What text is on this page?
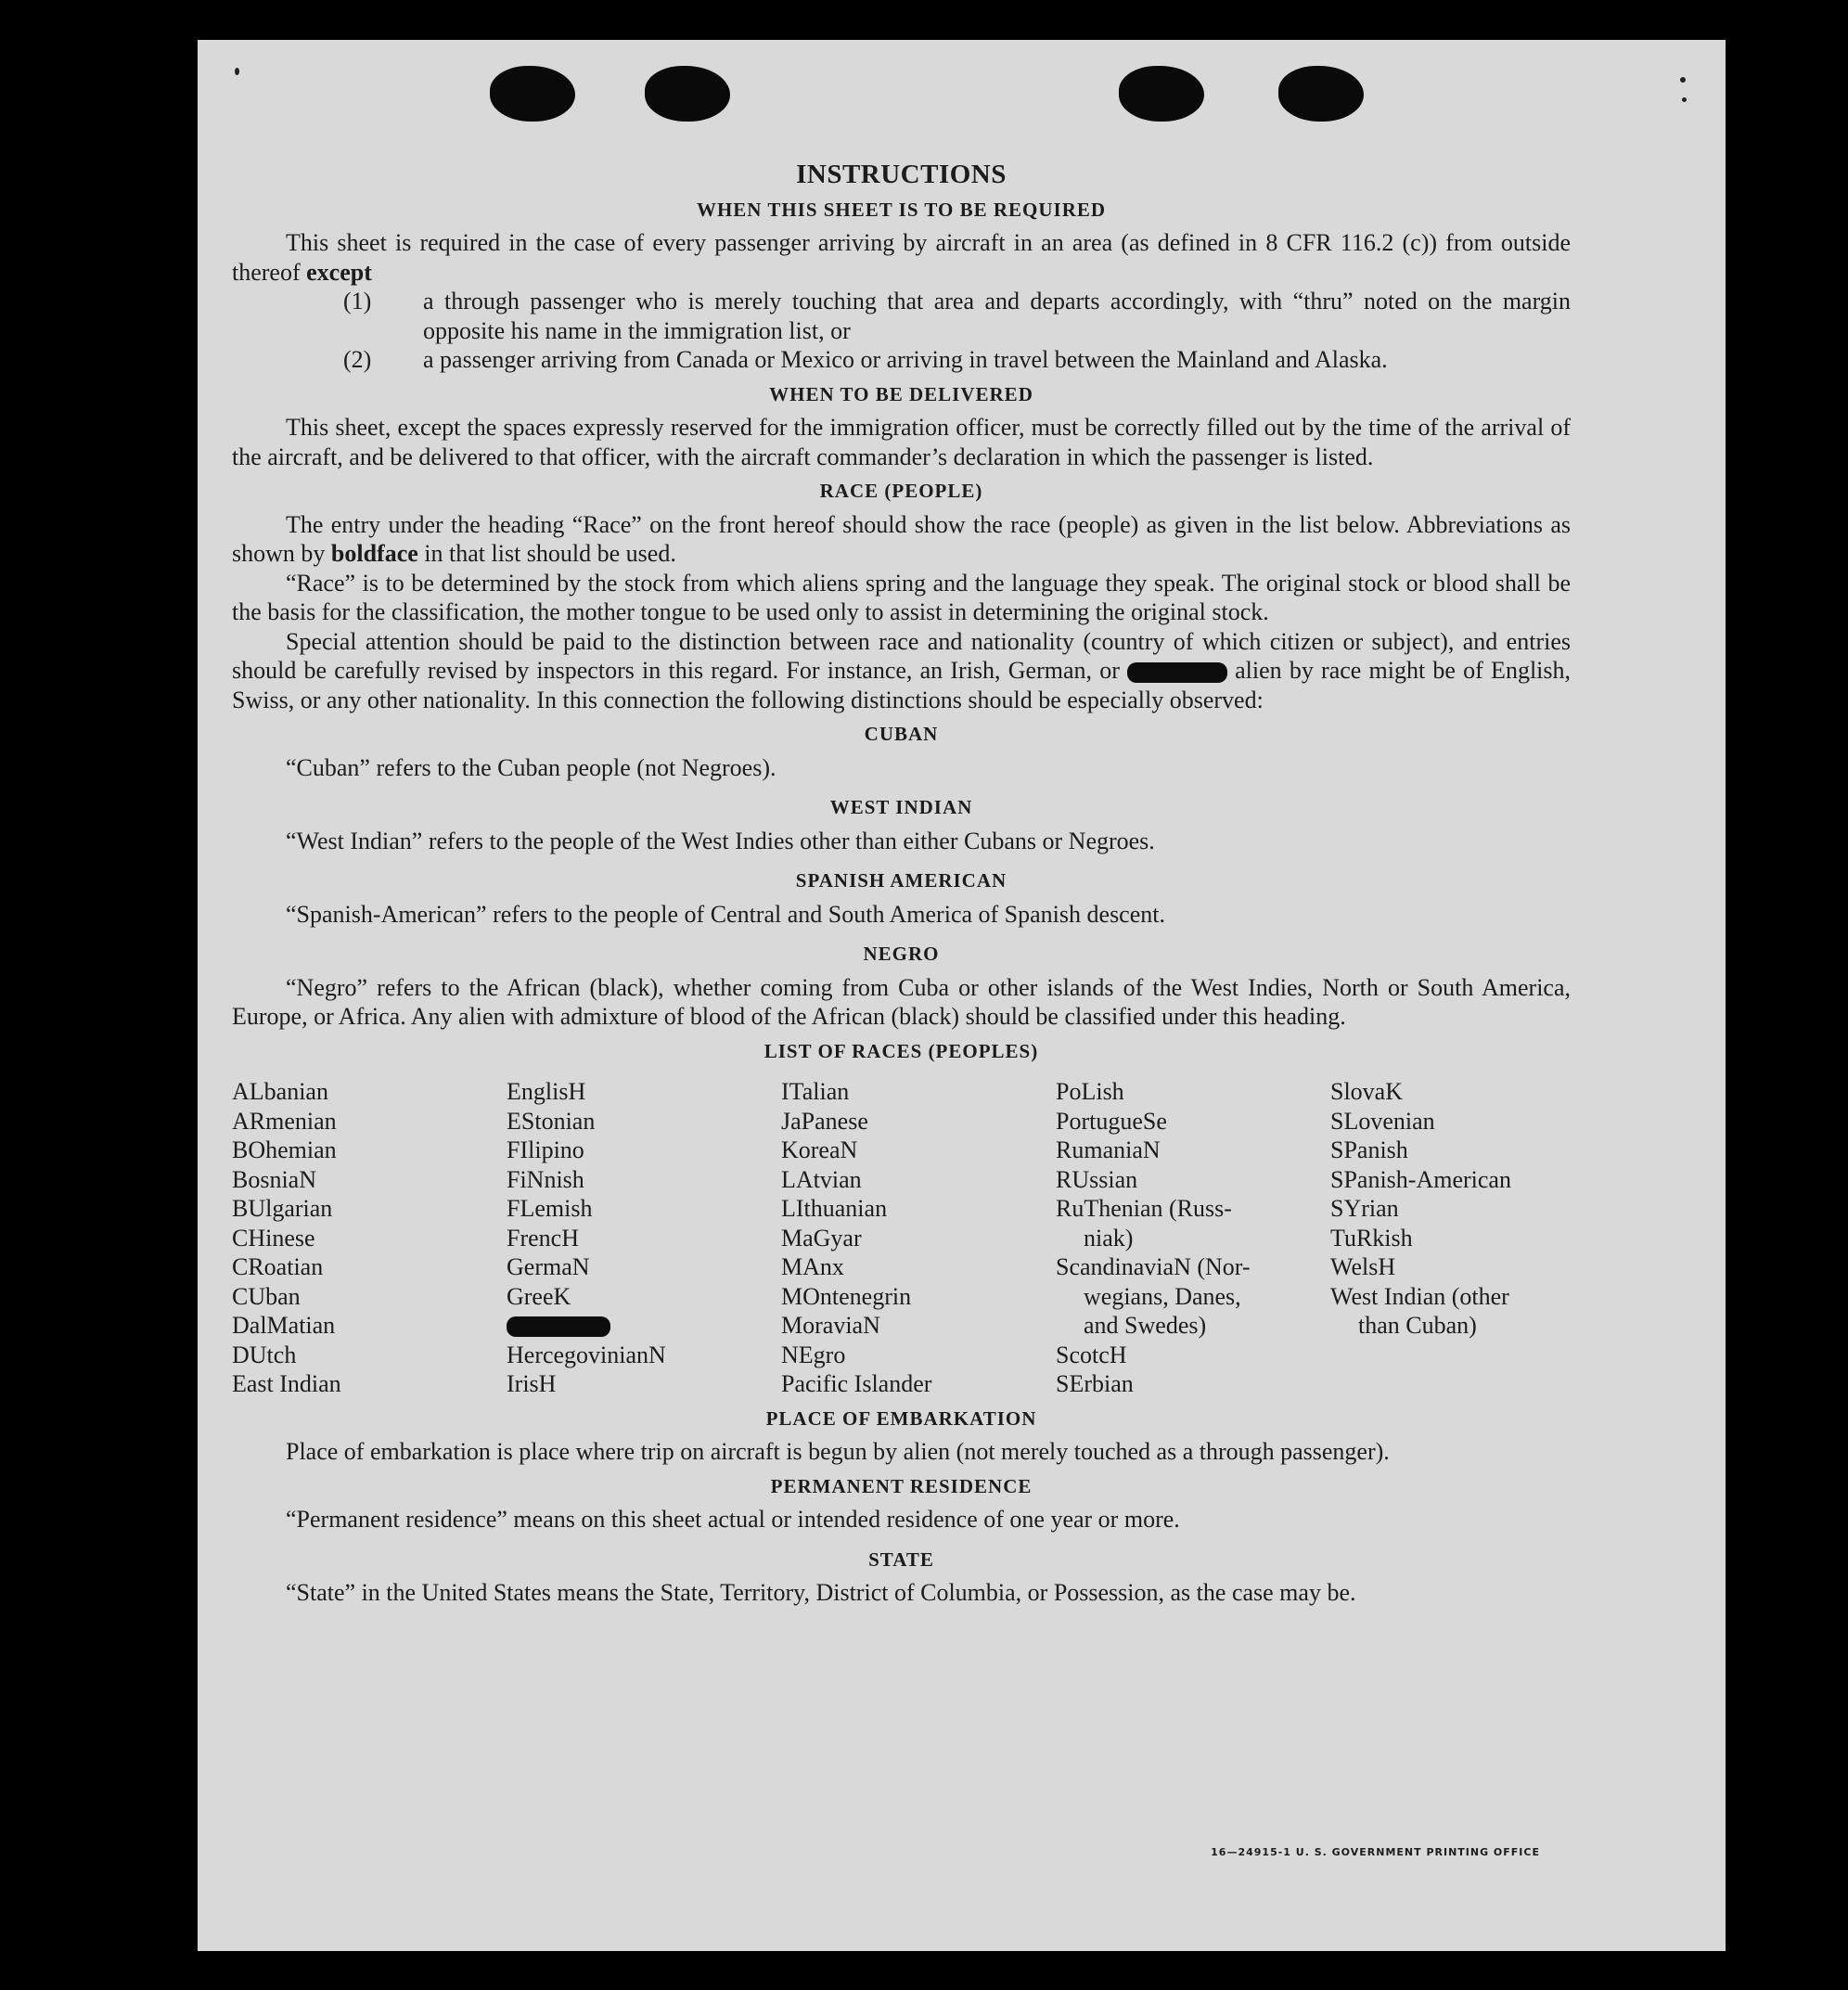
INSTRUCTIONS
WHEN THIS SHEET IS TO BE REQUIRED

This sheet is required in the case of every passenger arriving by aircraft in an area (as defined in 8 CFR 116.2 (c)) from outside thereof except

(1) a through passenger who is merely touching that area and departs accordingly, with “thru” noted on the margin opposite his name in the immigration list, or
(2) a passenger arriving from Canada or Mexico or arriving in travel between the Mainland and Alaska.
WHEN TO BE DELIVERED

This sheet, except the spaces expressly reserved for the immigration officer, must be correctly filled out by the time of the arrival of the aircraft, and be delivered to that officer, with the aircraft commander’s declaration in which the passenger is listed.

RACE (PEOPLE)

The entry under the heading “Race” on the front hereof should show the race (people) as given in the list below. Abbreviations as shown by boldface in that list should be used.

“Race” is to be determined by the stock from which aliens spring and the language they speak. The original stock or blood shall be the basis for the classification, the mother tongue to be used only to assist in determining the original stock.

Special attention should be paid to the distinction between race and nationality (country of which citizen or subject), and entries should be carefully revised by inspectors in this regard. For instance, an Irish, German, or	alien by race might be of English, Swiss, or any other nationality. In this connection the following distinctions should be especially observed:

CUBAN

“Cuban” refers to the Cuban people (not Negroes).

WEST INDIAN

“West Indian” refers to the people of the West Indies other than either Cubans or Negroes.

SPANISH AMERICAN

“Spanish-American” refers to the people of Central and South America of Spanish descent.

NEGRO

“Negro” refers to the African (black), whether coming from Cuba or other islands of the West Indies, North or South America, Europe, or Africa. Any alien with admixture of blood of the African (black) should be classified under this heading.

LIST OF RACES (PEOPLES)
ALbanian
ARmenian
BOhemian
BosniaN
BUlgarian
CHinese
CRoatian
CUban
DalMatian
DUtch
East Indian
EnglisH
EStonian
FIlipino
FiNnish
FLemish
FrencH
GermaN
GreeK
HercegovinianN
IrisH
ITalian
JaPanese
KoreaN
LAtvian
LIthuanian
MaGyar
MAnx
MOntenegrin
MoraviaN
NEgro
Pacific Islander
PoLish
PortugueSe
RumaniaN
RUssian
RuThenian (Russ-
niak)
ScandinaviaN (Nor-
wegians, Danes,
and Swedes)
ScotcH
SErbian
SlovaK
SLovenian
SPanish
SPanish-American
SYrian
TuRkish
WelsH
West Indian (other
than Cuban)
PLACE OF EMBARKATION

Place of embarkation is place where trip on aircraft is begun by alien (not merely touched as a through passenger).

PERMANENT RESIDENCE

“Permanent residence” means on this sheet actual or intended residence of one year or more.

STATE

“State” in the United States means the State, Territory, District of Columbia, or Possession, as the case may be.

16—24915-1 U. S. GOVERNMENT PRINTING OFFICE
